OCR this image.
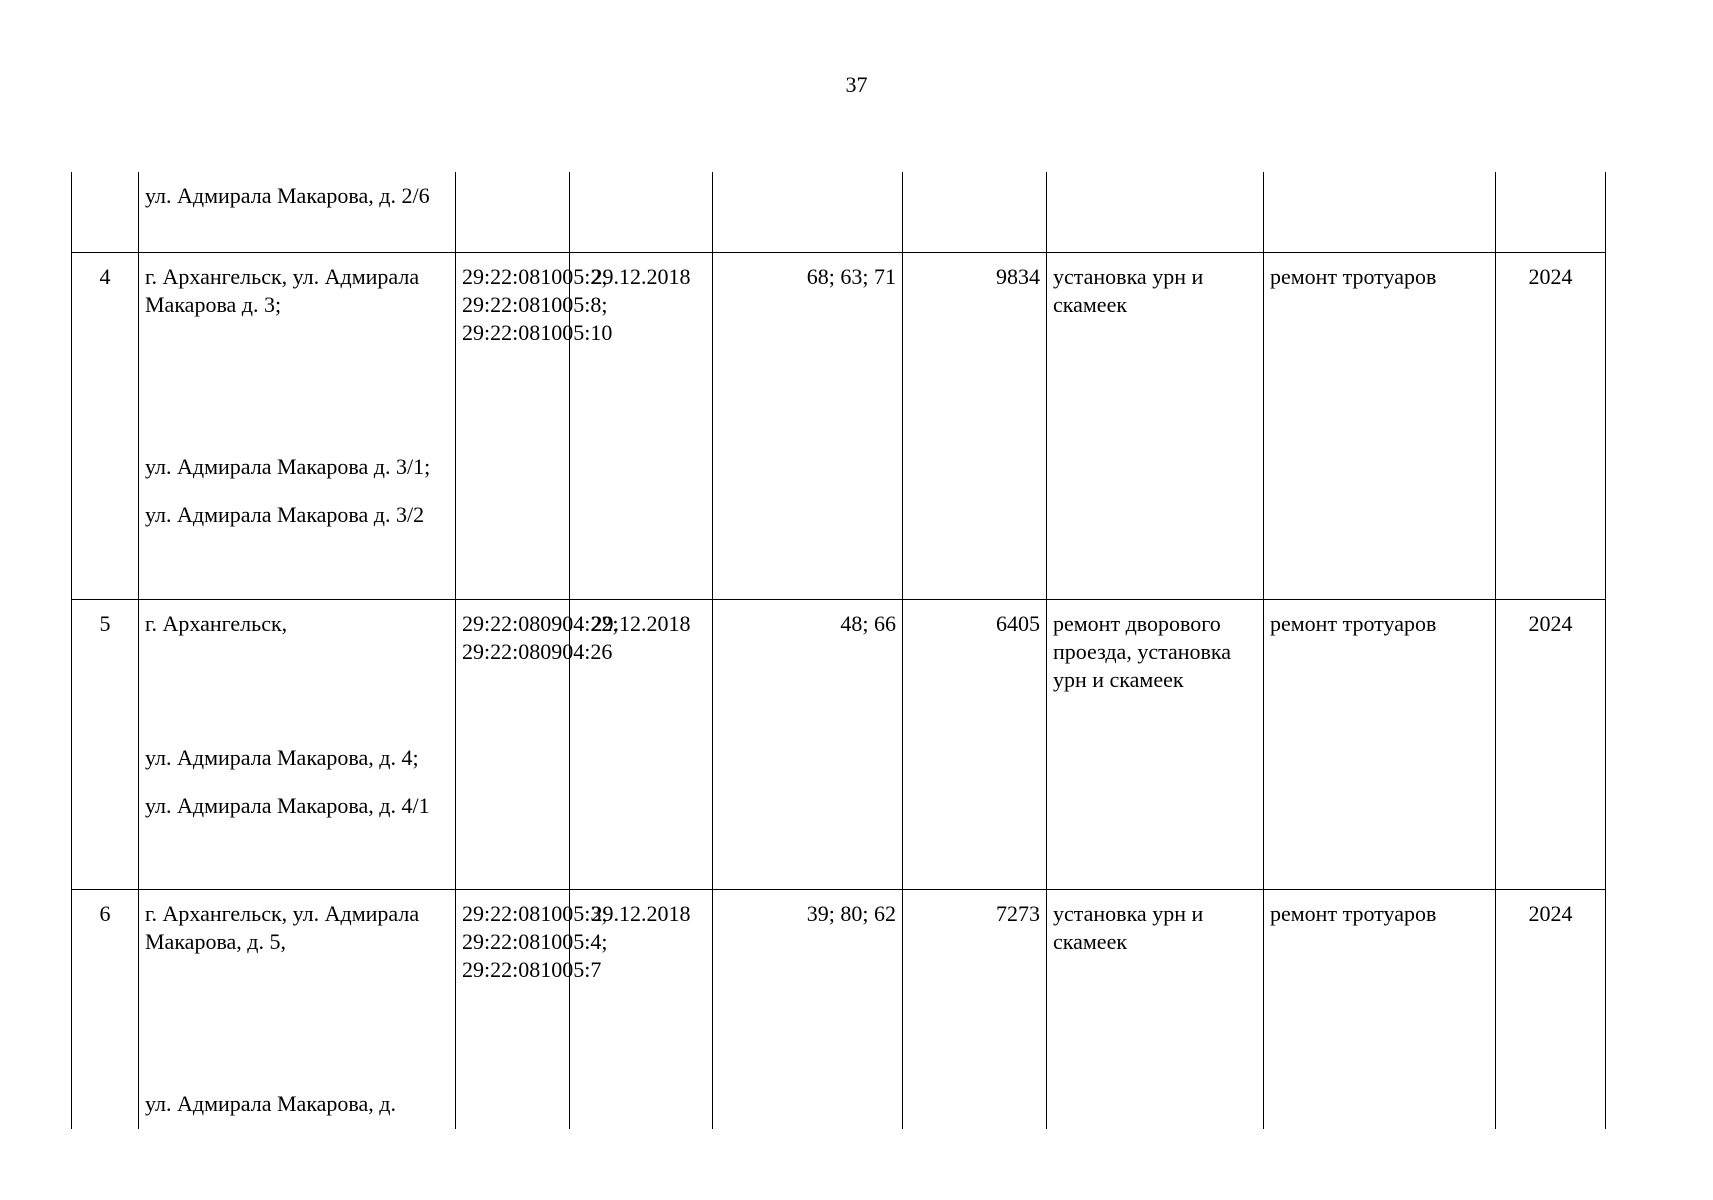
37

	ул. Адмирала Макарова, д. 2/6							

4	г. Архангельск, ул. Адмирала Макарова д. 3;
ул. Адмирала Макарова д. 3/1;
ул. Адмирала Макарова д. 3/2	29:22:081005:2; 29:22:081005:8; 29:22:081005:10	29.12.2018	68; 63; 71	9834	установка урн и скамеек	ремонт тротуаров	2024
5	г. Архангельск,
ул. Адмирала Макарова, д. 4;
ул. Адмирала Макарова, д. 4/1	29:22:080904:22; 29:22:080904:26	29.12.2018	48; 66	6405	ремонт дворового проезда, установка урн и скамеек	ремонт тротуаров	2024
6	г. Архангельск, ул. Адмирала Макарова, д. 5,
ул. Адмирала Макарова, д.	29:22:081005:3; 29:22:081005:4; 29:22:081005:7	29.12.2018	39; 80; 62	7273	установка урн и скамеек	ремонт тротуаров	2024
